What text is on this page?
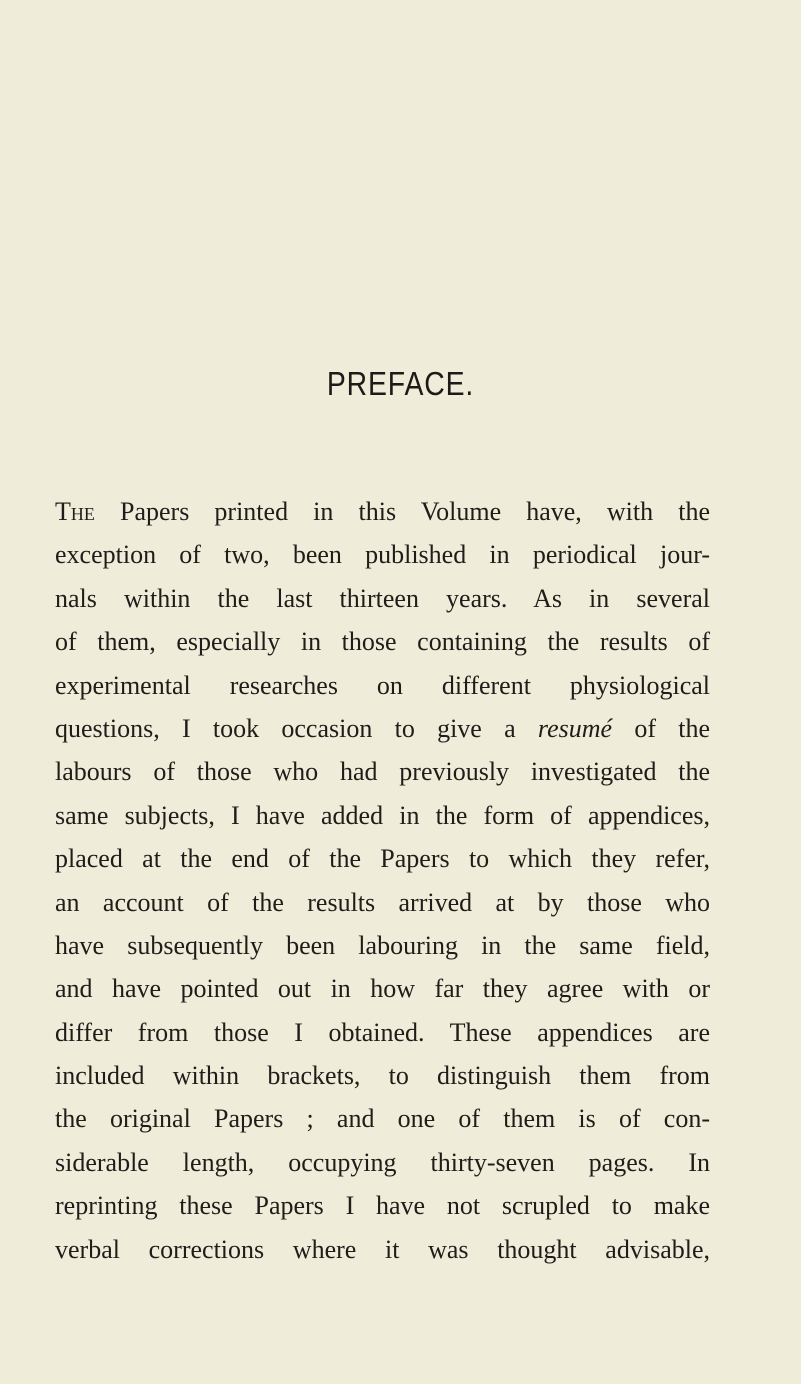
PREFACE.
The Papers printed in this Volume have, with the
exception of two, been published in periodical jour-
nals within the last thirteen years. As in several
of them, especially in those containing the results of
experimental researches on different physiological
questions, I took occasion to give a resumé of the
labours of those who had previously investigated the
same subjects, I have added in the form of appendices,
placed at the end of the Papers to which they refer,
an account of the results arrived at by those who
have subsequently been labouring in the same field,
and have pointed out in how far they agree with or
differ from those I obtained. These appendices are
included within brackets, to distinguish them from
the original Papers ; and one of them is of con-
siderable length, occupying thirty-seven pages. In
reprinting these Papers I have not scrupled to make
verbal corrections where it was thought advisable,
